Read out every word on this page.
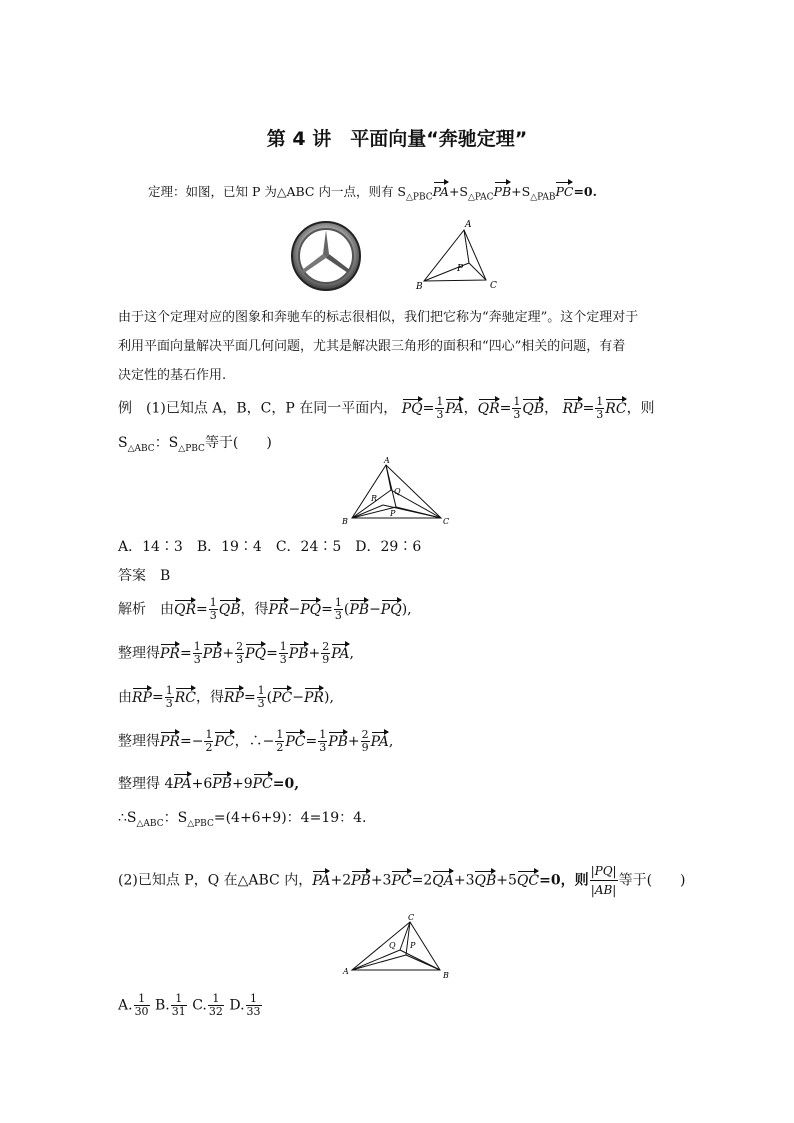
第 4 讲　平面向量“奔驰定理”
定理：如图，已知 P 为△ABC 内一点，则有 $S_{\triangle PBC}PA+S_{\triangle PAC}PB+S_{\triangle PAB}PC=0$.
A
B	C
P
由于这个定理对应的图象和奔驰车的标志很相似，我们把它称为“奔驰定理”。这个定理对于
利用平面向量解决平面几何问题，尤其是解决跟三角形的面积和“四心”相关的问题，有着
决定性的基石作用.
例　(1)已知点 A，B，C，P 在同一平面内， $PQ= \frac{1}{3}$ PA，$QR= \frac{1}{3}$ QB， $RP= \frac{1}{3}$ RC，则
$S_{\triangle ABC}$：$S_{\triangle PBC}$等于(　　)
A
B	C
P
Q
R
A．14∶3　B．19∶4　C．24∶5　D．29∶6
答案　B
解析　由$QR= \frac{1}{3}$ QB，得$PR-PQ= \frac{1}{3} (PB-PQ)$,
整理得$PR= \frac{1}{3} PB+ \frac{2}{3} PQ= \frac{1}{3} PB+ \frac{2}{9}$ PA,
由$RP= \frac{1}{3}$ RC，得$RP= \frac{1}{3} (PC-PR)$,
整理得$PR=- \frac{1}{2}$ PC，∴− $\frac{1}{2} PC= \frac{1}{3} PB+ \frac{2}{9}$ PA,
整理得 4PA+6PB+9PC=0,
$\therefore S_{\triangle ABC}$：$S_{\triangle PBC}=(4+6+9)$：4=19：4.
(2)已知点 P，Q 在△ABC 内，PA+2PB+3PC=2QA+3QB+5QC=0，则 $\frac{|PQ|}{|AB|}$ 等于(　　)
C
A	B
P
Q
A. $\frac{1}{30} B$. $\frac{1}{31} C$. $\frac{1}{32} D$. $\frac{1}{33}$
